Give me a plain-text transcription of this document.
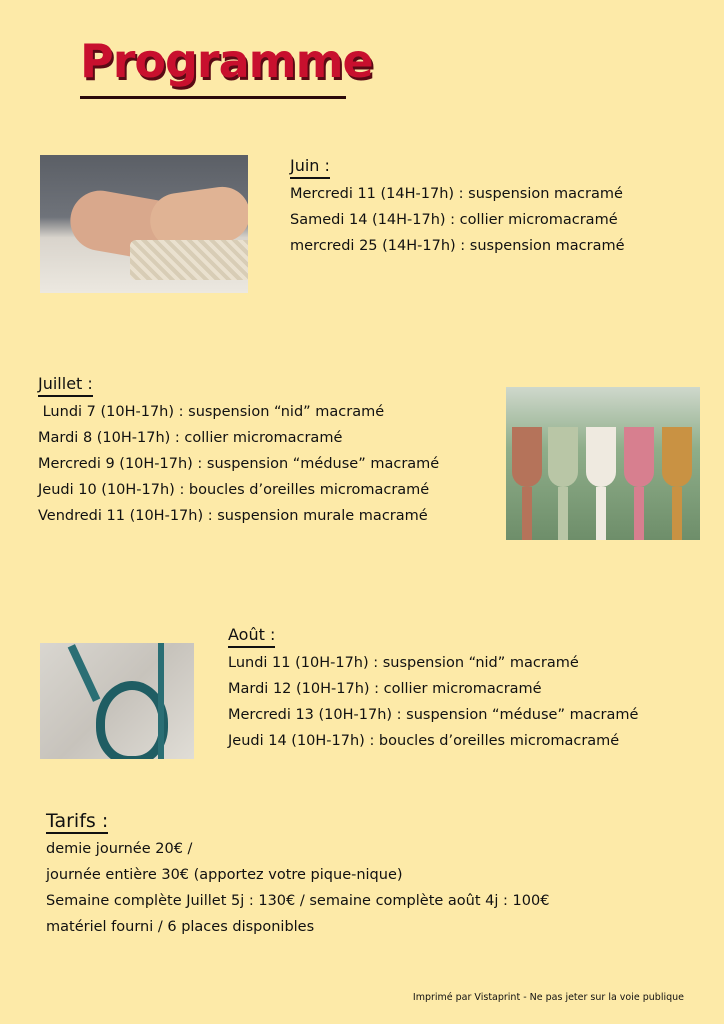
Programme
Juin :
Mercredi 11 (14H-17h) : suspension macramé
Samedi 14 (14H-17h) : collier micromacramé
mercredi 25 (14H-17h) : suspension macramé
Juillet :
Lundi 7 (10H-17h) : suspension “nid” macramé
Mardi 8 (10H-17h) : collier micromacramé
Mercredi 9 (10H-17h) : suspension “méduse” macramé
Jeudi 10 (10H-17h) : boucles d’oreilles micromacramé
Vendredi 11 (10H-17h) : suspension murale macramé
Août :
Lundi 11 (10H-17h) : suspension “nid” macramé
Mardi 12 (10H-17h) : collier micromacramé
Mercredi 13 (10H-17h) : suspension “méduse” macramé
Jeudi 14 (10H-17h) : boucles d’oreilles micromacramé
Tarifs :
demie journée 20€ /
journée entière 30€ (apportez votre pique-nique)
Semaine complète Juillet 5j : 130€ / semaine complète août 4j : 100€
matériel fourni / 6 places disponibles
Imprimé par Vistaprint - Ne pas jeter sur la voie publique
